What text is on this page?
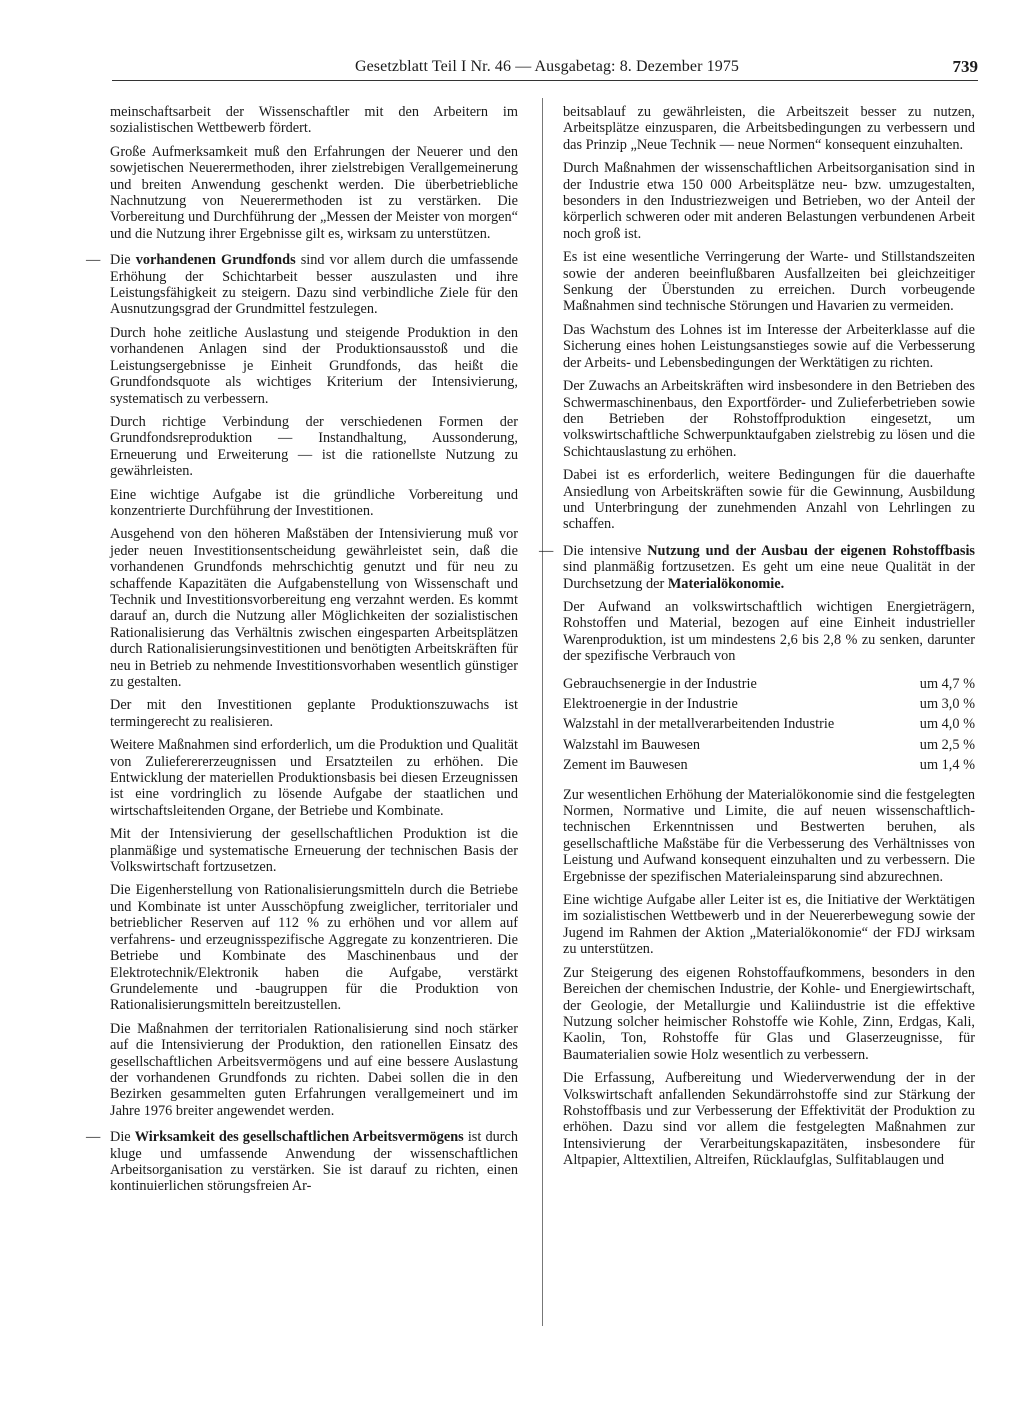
Gesetzblatt Teil I Nr. 46 — Ausgabetag: 8. Dezember 1975	739

meinschaftsarbeit der Wissenschaftler mit den Arbeitern im sozialistischen Wettbewerb fördert.

Große Aufmerksamkeit muß den Erfahrungen der Neuerer und den sowjetischen Neuerermethoden, ihrer zielstrebigen Verallgemeinerung und breiten Anwendung geschenkt werden. Die überbetriebliche Nachnutzung von Neuerermethoden ist zu verstärken. Die Vorbereitung und Durchführung der „Messen der Meister von morgen“ und die Nutzung ihrer Ergebnisse gilt es, wirksam zu unterstützen.

— Die vorhandenen Grundfonds sind vor allem durch die umfassende Erhöhung der Schichtarbeit besser auszulasten und ihre Leistungsfähigkeit zu steigern. Dazu sind verbindliche Ziele für den Ausnutzungsgrad der Grundmittel festzulegen.

Durch hohe zeitliche Auslastung und steigende Produktion in den vorhandenen Anlagen sind der Produktionsausstoß und die Leistungsergebnisse je Einheit Grundfonds, das heißt die Grundfondsquote als wichtiges Kriterium der Intensivierung, systematisch zu verbessern.

Durch richtige Verbindung der verschiedenen Formen der Grundfondsreproduktion — Instandhaltung, Aussonderung, Erneuerung und Erweiterung — ist die rationellste Nutzung zu gewährleisten.

Eine wichtige Aufgabe ist die gründliche Vorbereitung und konzentrierte Durchführung der Investitionen.

Ausgehend von den höheren Maßstäben der Intensivierung muß vor jeder neuen Investitionsentscheidung gewährleistet sein, daß die vorhandenen Grundfonds mehrschichtig genutzt und für neu zu schaffende Kapazitäten die Aufgabenstellung von Wissenschaft und Technik und Investitionsvorbereitung eng verzahnt werden. Es kommt darauf an, durch die Nutzung aller Möglichkeiten der sozialistischen Rationalisierung das Verhältnis zwischen eingesparten Arbeitsplätzen durch Rationalisierungsinvestitionen und benötigten Arbeitskräften für neu in Betrieb zu nehmende Investitionsvorhaben wesentlich günstiger zu gestalten.

Der mit den Investitionen geplante Produktionszuwachs ist termingerecht zu realisieren.

Weitere Maßnahmen sind erforderlich, um die Produktion und Qualität von Zulieferererzeugnissen und Ersatzteilen zu erhöhen. Die Entwicklung der materiellen Produktionsbasis bei diesen Erzeugnissen ist eine vordringlich zu lösende Aufgabe der staatlichen und wirtschaftsleitenden Organe, der Betriebe und Kombinate.

Mit der Intensivierung der gesellschaftlichen Produktion ist die planmäßige und systematische Erneuerung der technischen Basis der Volkswirtschaft fortzusetzen.

Die Eigenherstellung von Rationalisierungsmitteln durch die Betriebe und Kombinate ist unter Ausschöpfung zweiglicher, territorialer und betrieblicher Reserven auf 112 % zu erhöhen und vor allem auf verfahrens- und erzeugnisspezifische Aggregate zu konzentrieren. Die Betriebe und Kombinate des Maschinenbaus und der Elektrotechnik/Elektronik haben die Aufgabe, verstärkt Grundelemente und -baugruppen für die Produktion von Rationalisierungsmitteln bereitzustellen.

Die Maßnahmen der territorialen Rationalisierung sind noch stärker auf die Intensivierung der Produktion, den rationellen Einsatz des gesellschaftlichen Arbeitsvermögens und auf eine bessere Auslastung der vorhandenen Grundfonds zu richten. Dabei sollen die in den Bezirken gesammelten guten Erfahrungen verallgemeinert und im Jahre 1976 breiter angewendet werden.

— Die Wirksamkeit des gesellschaftlichen Arbeitsvermögens ist durch kluge und umfassende Anwendung der wissenschaftlichen Arbeitsorganisation zu verstärken. Sie ist darauf zu richten, einen kontinuierlichen störungsfreien Ar-

beitsablauf zu gewährleisten, die Arbeitszeit besser zu nutzen, Arbeitsplätze einzusparen, die Arbeitsbedingungen zu verbessern und das Prinzip „Neue Technik — neue Normen“ konsequent einzuhalten.

Durch Maßnahmen der wissenschaftlichen Arbeitsorganisation sind in der Industrie etwa 150 000 Arbeitsplätze neu- bzw. umzugestalten, besonders in den Industriezweigen und Betrieben, wo der Anteil der körperlich schweren oder mit anderen Belastungen verbundenen Arbeit noch groß ist.

Es ist eine wesentliche Verringerung der Warte- und Stillstandszeiten sowie der anderen beeinflußbaren Ausfallzeiten bei gleichzeitiger Senkung der Überstunden zu erreichen. Durch vorbeugende Maßnahmen sind technische Störungen und Havarien zu vermeiden.

Das Wachstum des Lohnes ist im Interesse der Arbeiterklasse auf die Sicherung eines hohen Leistungsanstieges sowie auf die Verbesserung der Arbeits- und Lebensbedingungen der Werktätigen zu richten.

Der Zuwachs an Arbeitskräften wird insbesondere in den Betrieben des Schwermaschinenbaus, den Exportförder- und Zulieferbetrieben sowie den Betrieben der Rohstoffproduktion eingesetzt, um volkswirtschaftliche Schwerpunktaufgaben zielstrebig zu lösen und die Schichtauslastung zu erhöhen.

Dabei ist es erforderlich, weitere Bedingungen für die dauerhafte Ansiedlung von Arbeitskräften sowie für die Gewinnung, Ausbildung und Unterbringung der zunehmenden Anzahl von Lehrlingen zu schaffen.

— Die intensive Nutzung und der Ausbau der eigenen Rohstoffbasis sind planmäßig fortzusetzen. Es geht um eine neue Qualität in der Durchsetzung der Materialökonomie.

Der Aufwand an volkswirtschaftlich wichtigen Energieträgern, Rohstoffen und Material, bezogen auf eine Einheit industrieller Warenproduktion, ist um mindestens 2,6 bis 2,8 % zu senken, darunter der spezifische Verbrauch von

Gebrauchsenergie in der Industrie	um 4,7 %
Elektroenergie in der Industrie	um 3,0 %
Walzstahl in der metallverarbeitenden Industrie	um 4,0 %
Walzstahl im Bauwesen	um 2,5 %
Zement im Bauwesen	um 1,4 %

Zur wesentlichen Erhöhung der Materialökonomie sind die festgelegten Normen, Normative und Limite, die auf neuen wissenschaftlich-technischen Erkenntnissen und Bestwerten beruhen, als gesellschaftliche Maßstäbe für die Verbesserung des Verhältnisses von Leistung und Aufwand konsequent einzuhalten und zu verbessern. Die Ergebnisse der spezifischen Materialeinsparung sind abzurechnen.

Eine wichtige Aufgabe aller Leiter ist es, die Initiative der Werktätigen im sozialistischen Wettbewerb und in der Neuererbewegung sowie der Jugend im Rahmen der Aktion „Materialökonomie“ der FDJ wirksam zu unterstützen.

Zur Steigerung des eigenen Rohstoffaufkommens, besonders in den Bereichen der chemischen Industrie, der Kohle- und Energiewirtschaft, der Geologie, der Metallurgie und Kaliindustrie ist die effektive Nutzung solcher heimischer Rohstoffe wie Kohle, Zinn, Erdgas, Kali, Kaolin, Ton, Rohstoffe für Glas und Glaserzeugnisse, für Baumaterialien sowie Holz wesentlich zu verbessern.

Die Erfassung, Aufbereitung und Wiederverwendung der in der Volkswirtschaft anfallenden Sekundärrohstoffe sind zur Stärkung der Rohstoffbasis und zur Verbesserung der Effektivität der Produktion zu erhöhen. Dazu sind vor allem die festgelegten Maßnahmen zur Intensivierung der Verarbeitungskapazitäten, insbesondere für Altpapier, Alttextilien, Altreifen, Rücklaufglas, Sulfitablaugen und
